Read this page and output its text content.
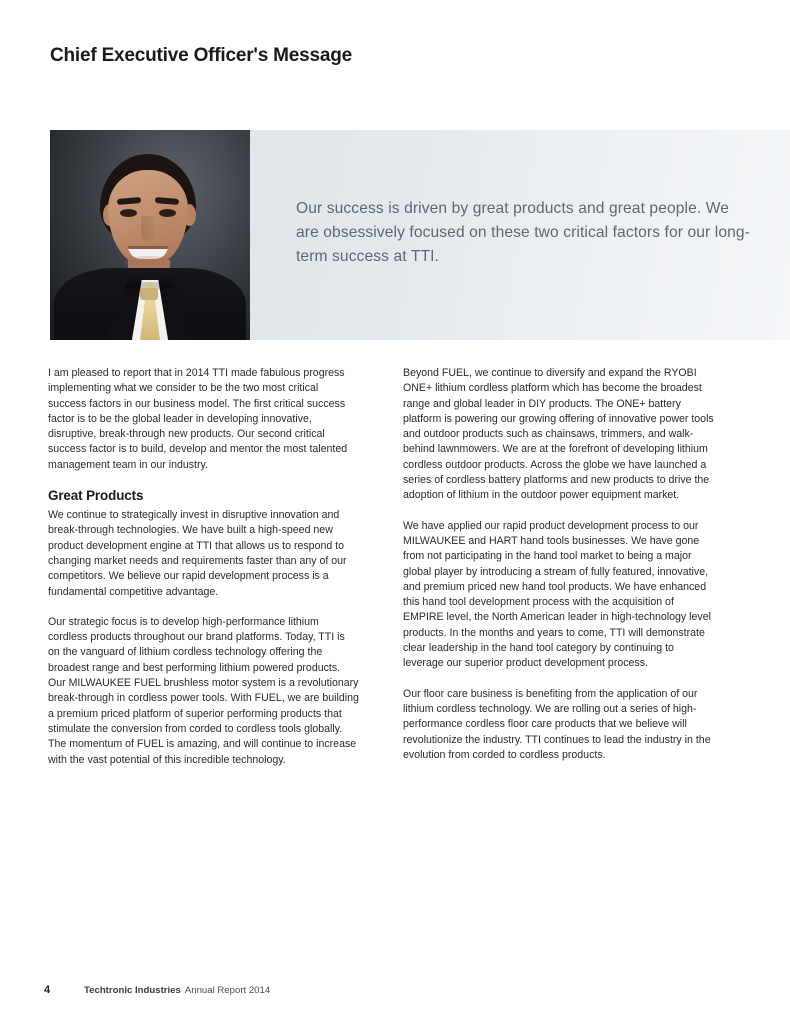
Chief Executive Officer's Message

Our success is driven by great products and great people. We are obsessively focused on these two critical factors for our long-term success at TTI.

I am pleased to report that in 2014 TTI made fabulous progress implementing what we consider to be the two most critical success factors in our business model. The first critical success factor is to be the global leader in developing innovative, disruptive, break-through new products. Our second critical success factor is to build, develop and mentor the most talented management team in our industry.

Great Products

We continue to strategically invest in disruptive innovation and break-through technologies. We have built a high-speed new product development engine at TTI that allows us to respond to changing market needs and requirements faster than any of our competitors. We believe our rapid development process is a fundamental competitive advantage.

Our strategic focus is to develop high-performance lithium cordless products throughout our brand platforms. Today, TTI is on the vanguard of lithium cordless technology offering the broadest range and best performing lithium powered products. Our MILWAUKEE FUEL brushless motor system is a revolutionary break-through in cordless power tools. With FUEL, we are building a premium priced platform of superior performing products that stimulate the conversion from corded to cordless tools globally. The momentum of FUEL is amazing, and will continue to increase with the vast potential of this incredible technology.

Beyond FUEL, we continue to diversify and expand the RYOBI ONE+ lithium cordless platform which has become the broadest range and global leader in DIY products. The ONE+ battery platform is powering our growing offering of innovative power tools and outdoor products such as chainsaws, trimmers, and walk-behind lawnmowers. We are at the forefront of developing lithium cordless outdoor products. Across the globe we have launched a series of cordless battery platforms and new products to drive the adoption of lithium in the outdoor power equipment market.

We have applied our rapid product development process to our MILWAUKEE and HART hand tools businesses. We have gone from not participating in the hand tool market to being a major global player by introducing a stream of fully featured, innovative, and premium priced new hand tool products. We have enhanced this hand tool development process with the acquisition of EMPIRE level, the North American leader in high-technology level products. In the months and years to come, TTI will demonstrate clear leadership in the hand tool category by continuing to leverage our superior product development process.

Our floor care business is benefiting from the application of our lithium cordless technology. We are rolling out a series of high-performance cordless floor care products that we believe will revolutionize the industry. TTI continues to lead the industry in the evolution from corded to cordless products.

4	Techtronic Industries Annual Report 2014
